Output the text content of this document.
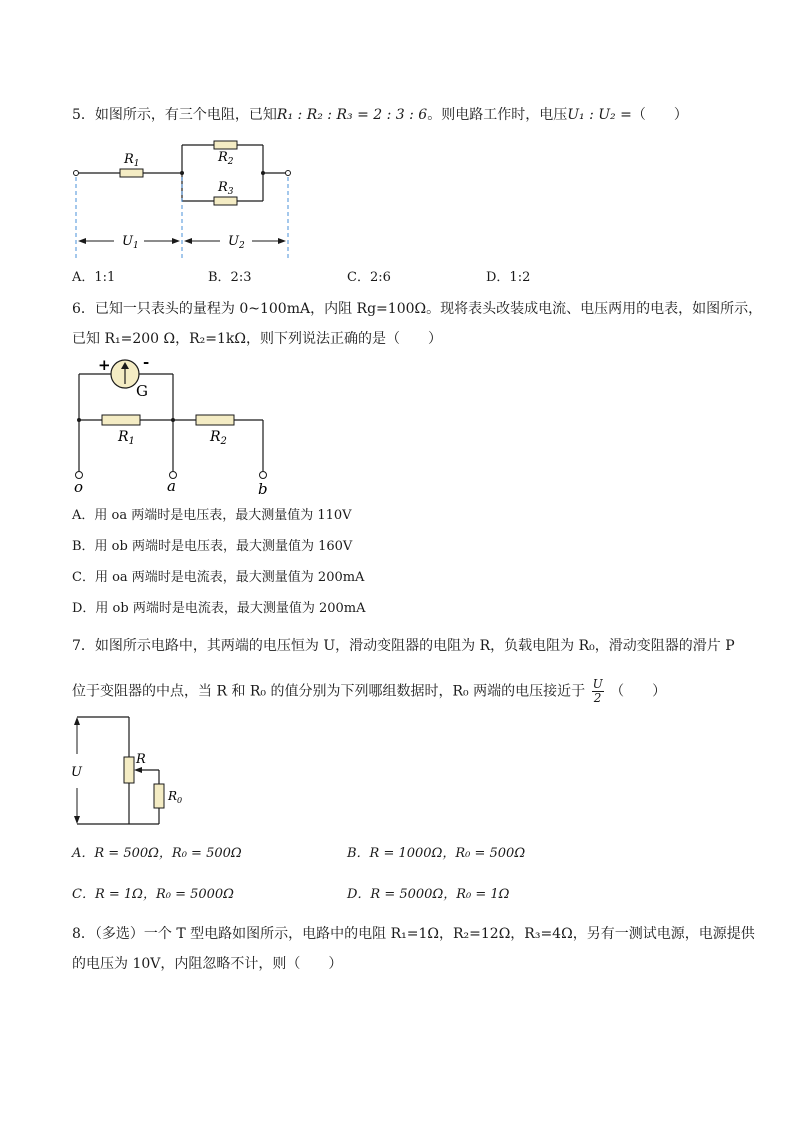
5．如图所示，有三个电阻，已知R₁ : R₂ : R₃ = 2 : 3 : 6。则电路工作时，电压U₁ : U₂ =（　　）
$R_1$	$R_2$
$R_3$
$U_1$	$U_2$
A．1:1	B．2:3	C．2:6	D．1:2
6．已知一只表头的量程为 0~100mA，内阻 Rg=100Ω。现将表头改装成电流、电压两用的电表，如图所示，
已知 R₁=200 Ω，R₂=1kΩ，则下列说法正确的是（　　）
+ -
G
$R_1$	$R_2$
o	a	b
A．用 oa 两端时是电压表，最大测量值为 110V
B．用 ob 两端时是电压表，最大测量值为 160V
C．用 oa 两端时是电流表，最大测量值为 200mA
D．用 ob 两端时是电流表，最大测量值为 200mA
7．如图所示电路中，其两端的电压恒为 U，滑动变阻器的电阻为 R，负载电阻为 R₀，滑动变阻器的滑片 P
位于变阻器的中点，当 R 和 R₀ 的值分别为下列哪组数据时，R₀ 两端的电压接近于 $\frac{U}{2}$ （　　）
U
R
$R_0$
A．R = 500Ω，R₀ = 500Ω	B．R = 1000Ω，R₀ = 500Ω
C．R = 1Ω，R₀ = 5000Ω	D．R = 5000Ω，R₀ = 1Ω
8．（多选）一个 T 型电路如图所示，电路中的电阻 R₁=1Ω，R₂=12Ω，R₃=4Ω，另有一测试电源，电源提供
的电压为 10V，内阻忽略不计，则（　　）
